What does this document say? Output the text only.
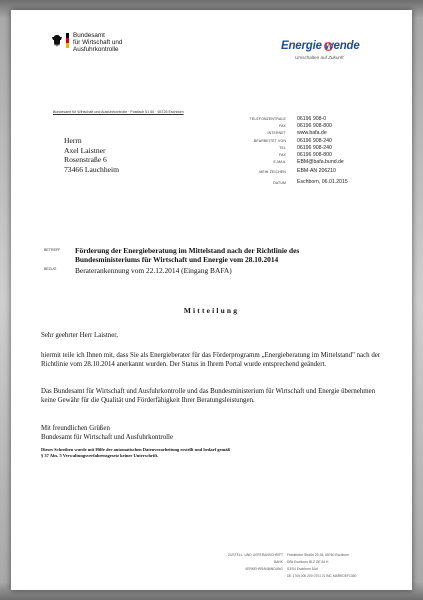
Bundesamt
für Wirtschaft und
Ausfuhrkontrolle	Energie wende
Umschalten auf Zukunft
Bundesamt für Wirtschaft und Ausfuhrkontrolle · Postfach 51 60 · 65726 Eschborn
TELEFONZENTRALE 06196 908-0
FAX 06196 908-800
INTERNET www.bafa.de
BEARBEITET VON 06196 908-240
TEL 06196 908-240
FAX 06196 908-800
E-MAIL EBM@bafa.bund.de
MEIN ZEICHEN EBM-AN 206210
DATUM Eschborn, 06.01.2015
Herrn
Axel Laistner
Rosenstraße 6
73466 Lauchheim
BETREFF Förderung der Energieberatung im Mittelstand nach der Richtlinie des
Bundesministeriums für Wirtschaft und Energie vom 28.10.2014
BEZUG	Beraterankennung vom 22.12.2014 (Eingang BAFA)
Mitteilung
Sehr geehrter Herr Laistner,
hiermit teile ich Ihnen mit, dass Sie als Energieberater für das Förderprogramm „Energieberatung im Mittelstand" nach der Richtlinie vom 28.10.2014 anerkannt wurden. Der Status in Ihrem Portal wurde entsprechend geändert.
Das Bundesamt für Wirtschaft und Ausfuhrkontrolle und das Bundesministerium für Wirtschaft und Energie übernehmen keine Gewähr für die Qualität und Förderfähigkeit Ihrer Beratungsleistungen.
Mit freundlichen Grüßen
Bundesamt für Wirtschaft und Ausfuhrkontrolle
Dieses Schreiben wurde mit Hilfe der automatischen Datenverarbeitung erstellt und bedarf gemäß
§ 37 Abs. 5 Verwaltungsverfahrensgesetz keiner Unterschrift.
ZUSTELL- UND LIEFERANSCHRIFT Frankfurter Straße 29-35, 65760 Eschborn
BANK DBk Eschborn BLZ DE 84 H
VERKEHRSANBINDUNG S3/S4 Eschborn Süd
DE 1705 000 200 0701 21 BIC MARKDEF1350
